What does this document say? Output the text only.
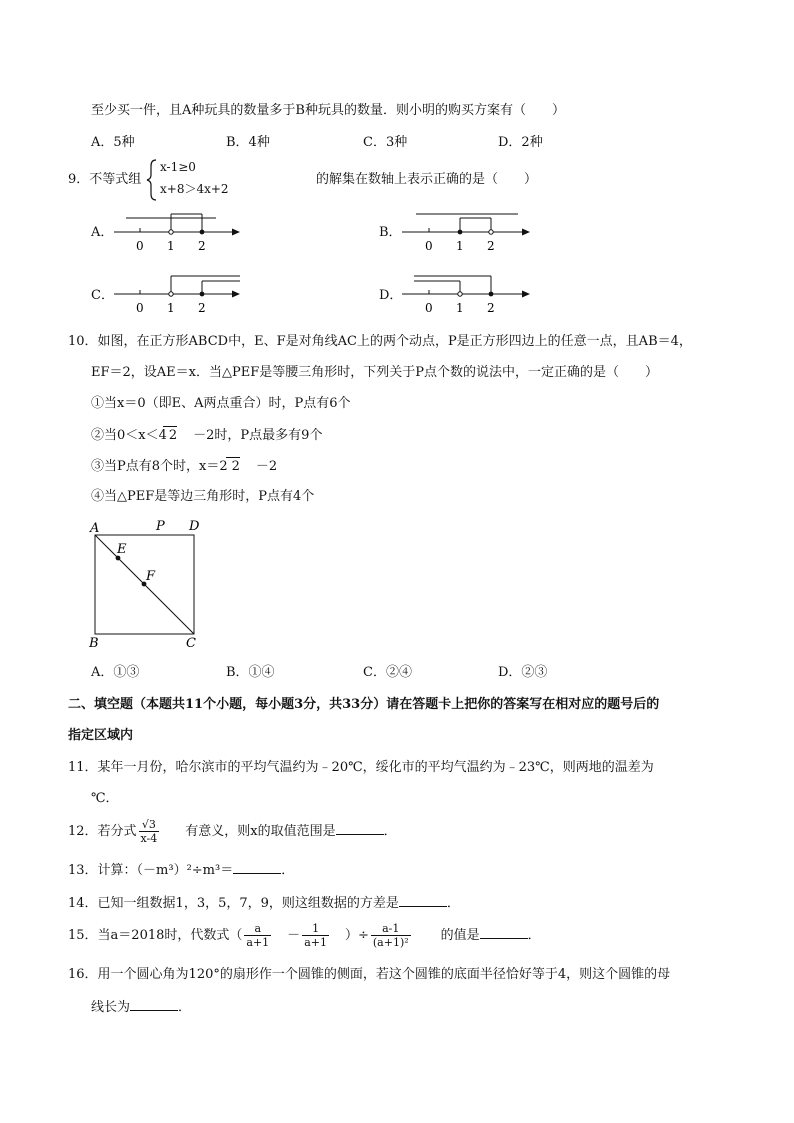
至少买一件，且A种玩具的数量多于B种玩具的数量．则小明的购买方案有（　　）
A．5种	B．4种	C．3种	D．2种
9．不等式组
x-1≥0
x+8＞4x+2
的解集在数轴上表示正确的是（　　）
A．
0 1 2
B．
0 1 2
C．
0 1 2
D．
0 1 2
10．如图，在正方形ABCD中，E、F是对角线AC上的两个动点，P是正方形四边上的任意一点，且AB＝4，
EF＝2，设AE＝x．当△PEF是等腰三角形时，下列关于P点个数的说法中，一定正确的是（　　）
①当x＝0（即E、A两点重合）时，P点有6个
②当0＜x＜4 2 －2时，P点最多有9个
③当P点有8个时，x＝2 2 －2
④当△PEF是等边三角形时，P点有4个
A	P D
E
F
B	C
A．①③	B．①④	C．②④	D．②③
二、填空题（本题共11个小题，每小题3分，共33分）请在答题卡上把你的答案写在相对应的题号后的
指定区域内
11．某年一月份，哈尔滨市的平均气温约为﹣20℃，绥化市的平均气温约为﹣23℃，则两地的温差为
℃．
12．若分式 $\frac{√3}{x-4}$ 有意义，则x的取值范围是	．
13．计算：（－m³）²÷m³＝	．
14．已知一组数据1，3，5，7，9，则这组数据的方差是	．
15．当a＝2018时，代数式（ $\frac{a}{a+1} - \frac{1}{a+1}$ ）÷ $\frac{a-1}{\text{(a+1)²}}$ 的值是	．
16．用一个圆心角为120°的扇形作一个圆锥的侧面，若这个圆锥的底面半径恰好等于4，则这个圆锥的母
线长为	．
